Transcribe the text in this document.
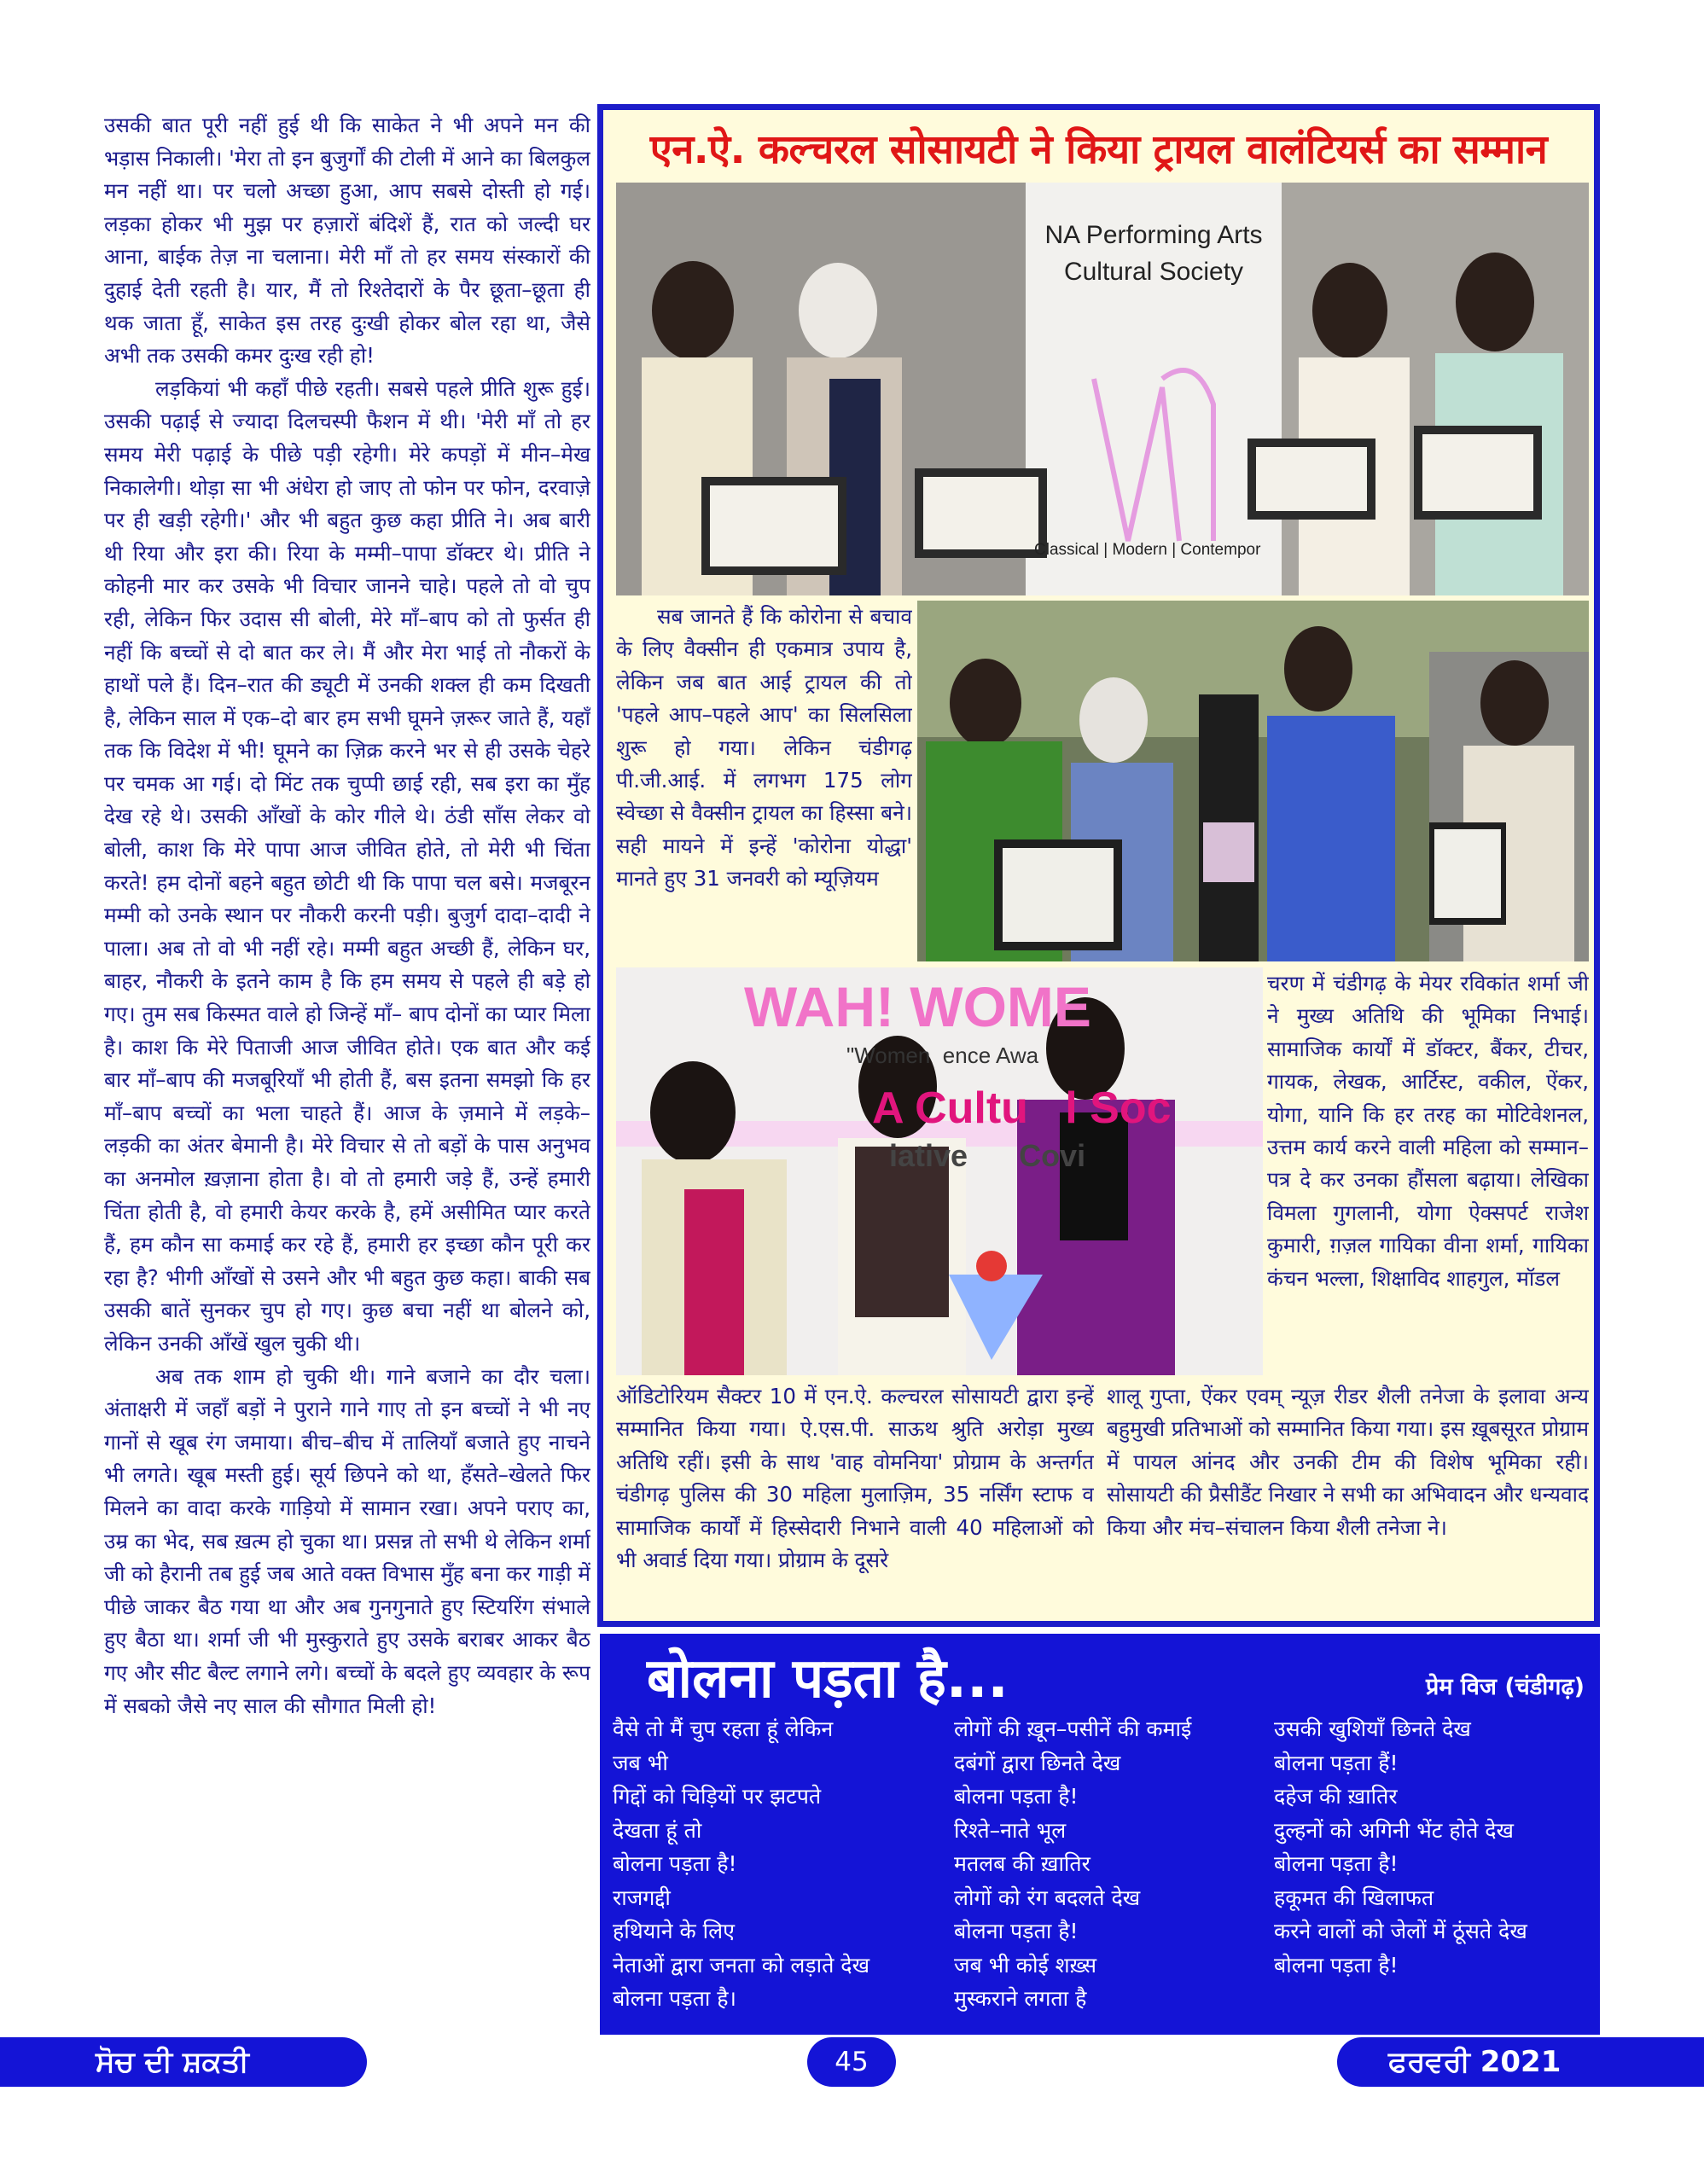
उसकी बात पूरी नहीं हुई थी कि साकेत ने भी अपने मन की भड़ास निकाली। 'मेरा तो इन बुजुर्गों की टोली में आने का बिलकुल मन नहीं था। पर चलो अच्छा हुआ, आप सबसे दोस्ती हो गई। लड़का होकर भी मुझ पर हज़ारों बंदिशें हैं, रात को जल्दी घर आना, बाईक तेज़ ना चलाना। मेरी माँ तो हर समय संस्कारों की दुहाई देती रहती है। यार, मैं तो रिश्तेदारों के पैर छूता–छूता ही थक जाता हूँ, साकेत इस तरह दुःखी होकर बोल रहा था, जैसे अभी तक उसकी कमर दुःख रही हो!

लड़कियां भी कहाँ पीछे रहती। सबसे पहले प्रीति शुरू हुई। उसकी पढ़ाई से ज्यादा दिलचस्पी फैशन में थी। 'मेरी माँ तो हर समय मेरी पढ़ाई के पीछे पड़ी रहेगी। मेरे कपड़ों में मीन–मेख निकालेगी। थोड़ा सा भी अंधेरा हो जाए तो फोन पर फोन, दरवाज़े पर ही खड़ी रहेगी।' और भी बहुत कुछ कहा प्रीति ने। अब बारी थी रिया और इरा की। रिया के मम्मी–पापा डॉक्टर थे। प्रीति ने कोहनी मार कर उसके भी विचार जानने चाहे। पहले तो वो चुप रही, लेकिन फिर उदास सी बोली, मेरे माँ–बाप को तो फुर्सत ही नहीं कि बच्चों से दो बात कर ले। मैं और मेरा भाई तो नौकरों के हाथों पले हैं। दिन–रात की ड्यूटी में उनकी शक्ल ही कम दिखती है, लेकिन साल में एक–दो बार हम सभी घूमने ज़रूर जाते हैं, यहाँ तक कि विदेश में भी! घूमने का ज़िक्र करने भर से ही उसके चेहरे पर चमक आ गई। दो मिंट तक चुप्पी छाई रही, सब इरा का मुँह देख रहे थे। उसकी आँखों के कोर गीले थे। ठंडी साँस लेकर वो बोली, काश कि मेरे पापा आज जीवित होते, तो मेरी भी चिंता करते! हम दोनों बहने बहुत छोटी थी कि पापा चल बसे। मजबूरन मम्मी को उनके स्थान पर नौकरी करनी पड़ी। बुजुर्ग दादा–दादी ने पाला। अब तो वो भी नहीं रहे। मम्मी बहुत अच्छी हैं, लेकिन घर, बाहर, नौकरी के इतने काम है कि हम समय से पहले ही बड़े हो गए। तुम सब किस्मत वाले हो जिन्हें माँ– बाप दोनों का प्यार मिला है। काश कि मेरे पिताजी आज जीवित होते। एक बात और कई बार माँ–बाप की मजबूरियाँ भी होती हैं, बस इतना समझो कि हर माँ–बाप बच्चों का भला चाहते हैं। आज के ज़माने में लड़के–लड़की का अंतर बेमानी है। मेरे विचार से तो बड़ों के पास अनुभव का अनमोल ख़ज़ाना होता है। वो तो हमारी जड़े हैं, उन्हें हमारी चिंता होती है, वो हमारी केयर करके है, हमें असीमित प्यार करते हैं, हम कौन सा कमाई कर रहे हैं, हमारी हर इच्छा कौन पूरी कर रहा है? भीगी आँखों से उसने और भी बहुत कुछ कहा। बाकी सब उसकी बातें सुनकर चुप हो गए। कुछ बचा नहीं था बोलने को, लेकिन उनकी आँखें खुल चुकी थी।

अब तक शाम हो चुकी थी। गाने बजाने का दौर चला। अंताक्षरी में जहाँ बड़ों ने पुराने गाने गाए तो इन बच्चों ने भी नए गानों से खूब रंग जमाया। बीच–बीच में तालियाँ बजाते हुए नाचने भी लगते। खूब मस्ती हुई। सूर्य छिपने को था, हँसते–खेलते फिर मिलने का वादा करके गाड़ियो में सामान रखा। अपने पराए का, उम्र का भेद, सब ख़त्म हो चुका था। प्रसन्न तो सभी थे लेकिन शर्मा जी को हैरानी तब हुई जब आते वक्त विभास मुँह बना कर गाड़ी में पीछे जाकर बैठ गया था और अब गुनगुनाते हुए स्टियरिंग संभाले हुए बैठा था। शर्मा जी भी मुस्कुराते हुए उसके बराबर आकर बैठ गए और सीट बैल्ट लगाने लगे। बच्चों के बदले हुए व्यवहार के रूप में सबको जैसे नए साल की सौगात मिली हो!

एन.ऐ. कल्चरल सोसायटी ने किया ट्रायल वालंटियर्स का सम्मान
NA Performing Arts
Cultural Society
Classical | Modern | Contempor
सब जानते हैं कि कोरोना से बचाव के लिए वैक्सीन ही एकमात्र उपाय है, लेकिन जब बात आई ट्रायल की तो 'पहले आप–पहले आप' का सिलसिला शुरू हो गया। लेकिन चंडीगढ़ पी.जी.आई. में लगभग 175 लोग स्वेच्छा से वैक्सीन ट्रायल का हिस्सा बने। सही मायने में इन्हें 'कोरोना योद्धा' मानते हुए 31 जनवरी को म्यूज़ियम
WAH! WOME
"Women  ence Awa
A Cultu   l Soc
iative      Covi
चरण में चंडीगढ़ के मेयर रविकांत शर्मा जी ने मुख्य अतिथि की भूमिका निभाई। सामाजिक कार्यों में डॉक्टर, बैंकर, टीचर, गायक, लेखक, आर्टिस्ट, वकील, ऐंकर, योगा, यानि कि हर तरह का मोटिवेशनल, उत्तम कार्य करने वाली महिला को सम्मान–पत्र दे कर उनका हौंसला बढ़ाया। लेखिका विमला गुगलानी, योगा ऐक्सपर्ट राजेश कुमारी, ग़ज़ल गायिका वीना शर्मा, गायिका कंचन भल्ला, शिक्षाविद शाहगुल, मॉडल
ऑडिटोरियम सैक्टर 10 में एन.ऐ. कल्चरल सोसायटी द्वारा इन्हें सम्मानित किया गया। ऐ.एस.पी. साऊथ श्रुति अरोड़ा मुख्य अतिथि रहीं। इसी के साथ 'वाह वोमनिया' प्रोग्राम के अन्तर्गत चंडीगढ़ पुलिस की 30 महिला मुलाज़िम, 35 नर्सिंग स्टाफ व सामाजिक कार्यों में हिस्सेदारी निभाने वाली 40 महिलाओं को भी अवार्ड दिया गया। प्रोग्राम के दूसरे
शालू गुप्ता, ऐंकर एवम् न्यूज़ रीडर शैली तनेजा के इलावा अन्य बहुमुखी प्रतिभाओं को सम्मानित किया गया। इस ख़ूबसूरत प्रोग्राम में पायल आंनद और उनकी टीम की विशेष भूमिका रही। सोसायटी की प्रैसीडैंट निखार ने सभी का अभिवादन और धन्यवाद किया और मंच–संचालन किया शैली तनेजा ने।
बोलना पड़ता है...	प्रेम विज (चंडीगढ़)
वैसे तो मैं चुप रहता हूं लेकिन
जब भी
गिद्दों को चिड़ियों पर झटपते
देखता हूं तो
बोलना पड़ता है!
राजगद्दी
हथियाने के लिए
नेताओं द्वारा जनता को लड़ाते देख
बोलना पड़ता है।
लोगों की ख़ून–पसीनें की कमाई
दबंगों द्वारा छिनते देख
बोलना पड़ता है!
रिश्ते–नाते भूल
मतलब की ख़ातिर
लोगों को रंग बदलते देख
बोलना पड़ता है!
जब भी कोई शख़्स
मुस्कराने लगता है
उसकी खुशियाँ छिनते देख
बोलना पड़ता हैं!
दहेज की ख़ातिर
दुल्हनों को अगिनी भेंट होते देख
बोलना पड़ता है!
हकूमत की खिलाफत
करने वालों को जेलों में ठूंसते देख
बोलना पड़ता है!
ਸੋਚ ਦੀ ਸ਼ਕਤੀ	45	ਫਰਵਰੀ 2021
